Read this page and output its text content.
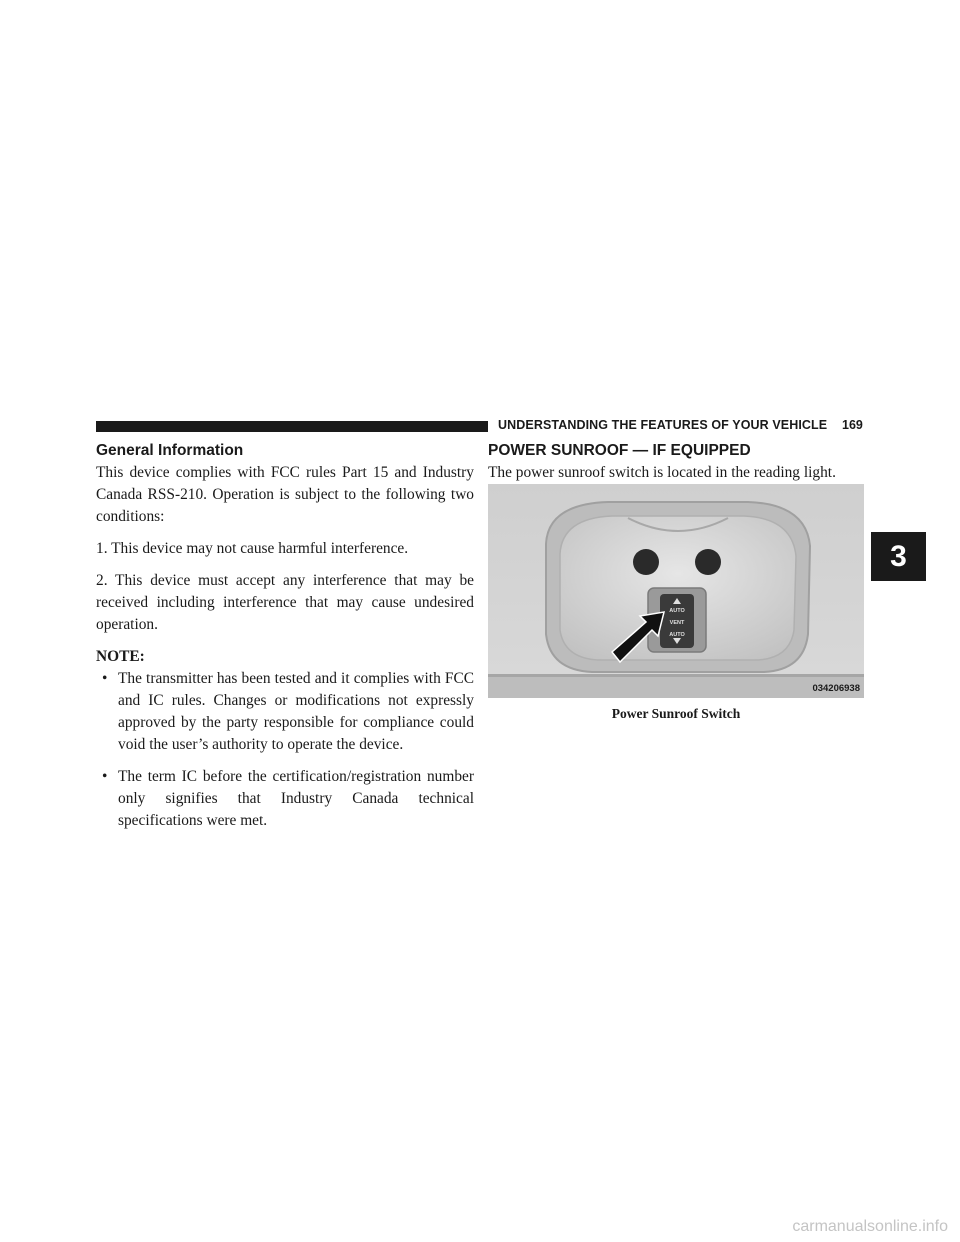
UNDERSTANDING THE FEATURES OF YOUR VEHICLE 169
3
General Information

This device complies with FCC rules Part 15 and Industry Canada RSS-210. Operation is subject to the following two conditions:

1. This device may not cause harmful interference.

2. This device must accept any interference that may be received including interference that may cause undesired operation.

NOTE:

• The transmitter has been tested and it complies with FCC and IC rules. Changes or modifications not expressly approved by the party responsible for compliance could void the user’s authority to operate the device.
• The term IC before the certification/registration number only signifies that Industry Canada technical specifications were met.
POWER SUNROOF — IF EQUIPPED

The power sunroof switch is located in the reading light.

AUTO
VENT
AUTO
034206938
Power Sunroof Switch
carmanualsonline.info
